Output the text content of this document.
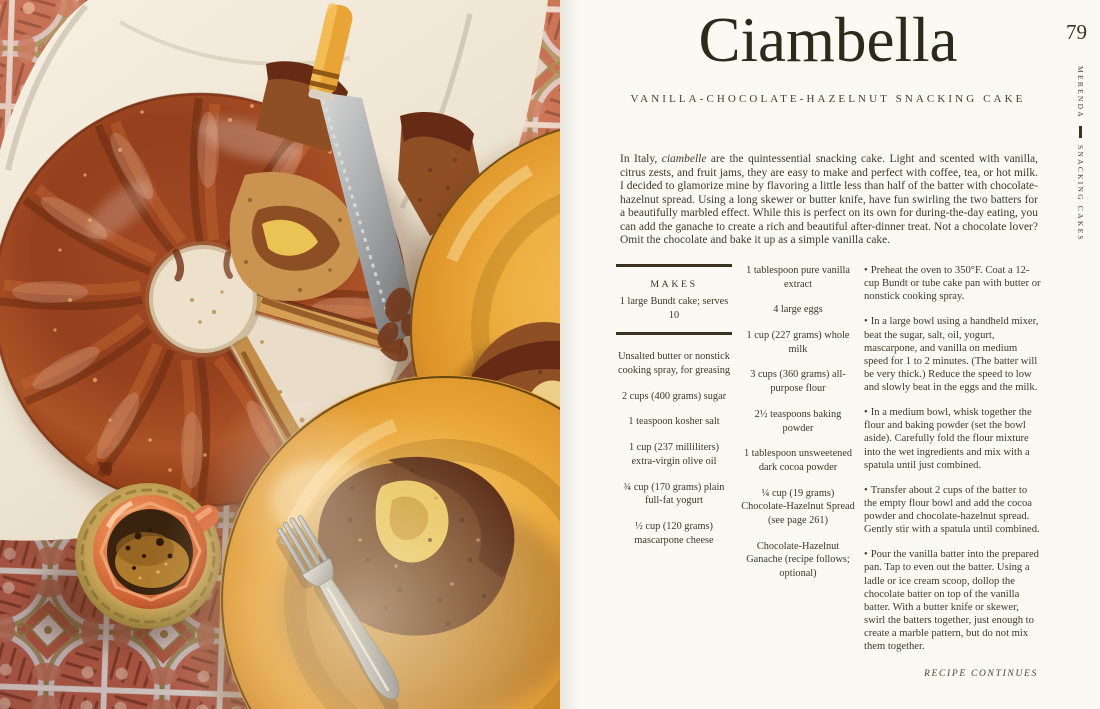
79
MERENDA
SNACKING CAKES
Ciambella
VANILLA-CHOCOLATE-HAZELNUT SNACKING CAKE

In Italy, ciambelle are the quintessential snacking cake. Light and scented with vanilla, citrus zests, and fruit jams, they are easy to make and perfect with coffee, tea, or hot milk. I decided to glamorize mine by flavoring a little less than half of the batter with chocolate-hazelnut spread. Using a long skewer or butter knife, have fun swirling the two batters for a beautifully marbled effect. While this is perfect on its own for during-the-day eating, you can add the ganache to create a rich and beautiful after-dinner treat. Not a chocolate lover? Omit the chocolate and bake it up as a simple vanilla cake.

MAKES
1 large Bundt cake; serves 10
Unsalted butter or nonstick cooking spray, for greasing
2 cups (400 grams) sugar
1 teaspoon kosher salt
1 cup (237 milliliters) extra-virgin olive oil
¾ cup (170 grams) plain full-fat yogurt
½ cup (120 grams) mascarpone cheese
1 tablespoon pure vanilla extract
4 large eggs
1 cup (227 grams) whole milk
3 cups (360 grams) all-purpose flour
2½ teaspoons baking powder
1 tablespoon unsweetened dark cocoa powder
¼ cup (19 grams) Chocolate-Hazelnut Spread (see page 261)
Chocolate-Hazelnut Ganache (recipe follows; optional)

• Preheat the oven to 350°F. Coat a 12-cup Bundt or tube cake pan with butter or nonstick cooking spray.

• In a large bowl using a handheld mixer, beat the sugar, salt, oil, yogurt, mascarpone, and vanilla on medium speed for 1 to 2 minutes. (The batter will be very thick.) Reduce the speed to low and slowly beat in the eggs and the milk.

• In a medium bowl, whisk together the flour and baking powder (set the bowl aside). Carefully fold the flour mixture into the wet ingredients and mix with a spatula until just combined.

• Transfer about 2 cups of the batter to the empty flour bowl and add the cocoa powder and chocolate-hazelnut spread. Gently stir with a spatula until combined.

• Pour the vanilla batter into the prepared pan. Tap to even out the batter. Using a ladle or ice cream scoop, dollop the chocolate batter on top of the vanilla batter. With a butter knife or skewer, swirl the batters together, just enough to create a marble pattern, but do not mix them together.

RECIPE CONTINUES
